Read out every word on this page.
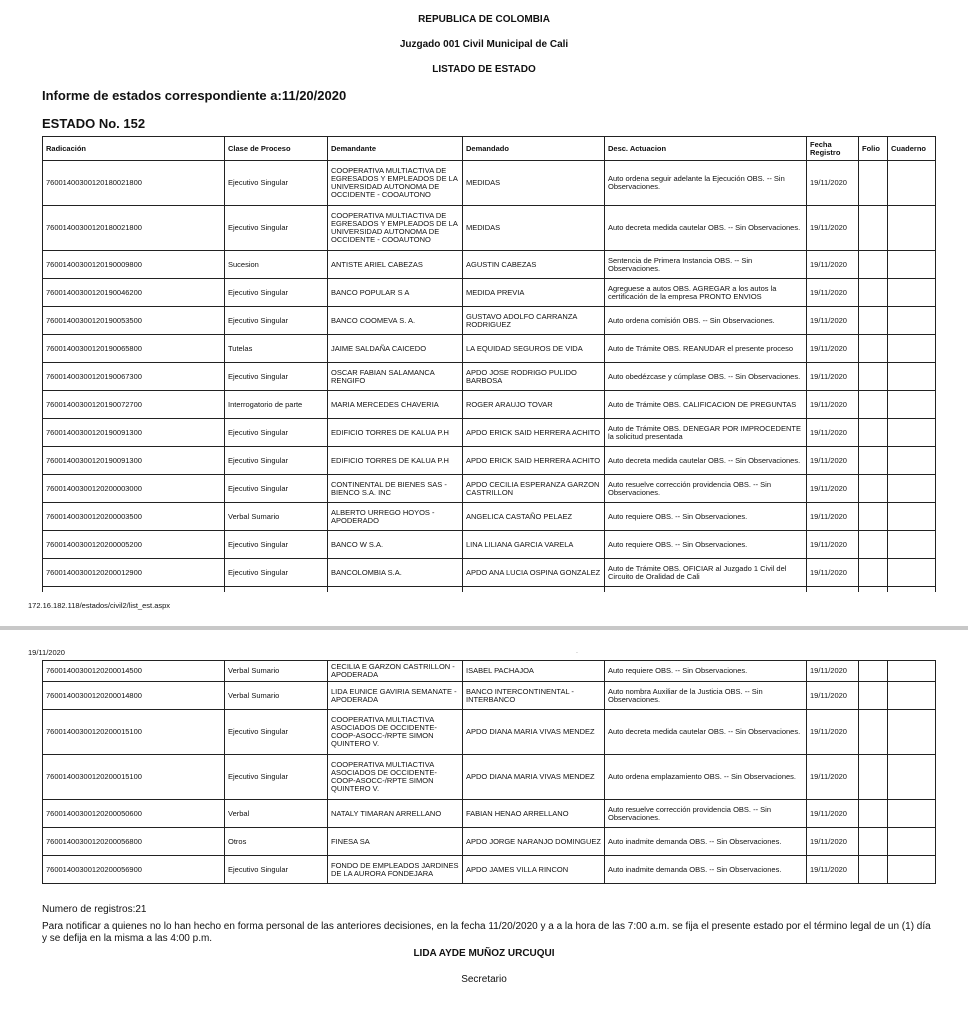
REPUBLICA DE COLOMBIA
Juzgado 001 Civil Municipal de Cali
LISTADO DE ESTADO
Informe de estados correspondiente a:11/20/2020
ESTADO No. 152
Radicación	Clase de Proceso	Demandante	Demandado	Desc. Actuacion	Fecha Registro	Folio	Cuaderno
76001400300120180021800	Ejecutivo Singular	COOPERATIVA MULTIACTIVA DE EGRESADOS Y EMPLEADOS DE LA UNIVERSIDAD AUTONOMA DE OCCIDENTE - COOAUTONO	MEDIDAS	Auto ordena seguir adelante la Ejecución OBS. -- Sin Observaciones.	19/11/2020		
76001400300120180021800	Ejecutivo Singular	COOPERATIVA MULTIACTIVA DE EGRESADOS Y EMPLEADOS DE LA UNIVERSIDAD AUTONOMA DE OCCIDENTE - COOAUTONO	MEDIDAS	Auto decreta medida cautelar OBS. -- Sin Observaciones.	19/11/2020		
76001400300120190009800	Sucesion	ANTISTE ARIEL CABEZAS	AGUSTIN CABEZAS	Sentencia de Primera Instancia OBS. -- Sin Observaciones.	19/11/2020		
76001400300120190046200	Ejecutivo Singular	BANCO POPULAR S A	MEDIDA PREVIA	Agreguese a autos OBS. AGREGAR a los autos la certificación de la empresa PRONTO ENVIOS	19/11/2020		
76001400300120190053500	Ejecutivo Singular	BANCO COOMEVA S. A.	GUSTAVO ADOLFO CARRANZA RODRIGUEZ	Auto ordena comisión OBS. -- Sin Observaciones.	19/11/2020		
76001400300120190065800	Tutelas	JAIME SALDAÑA CAICEDO	LA EQUIDAD SEGUROS DE VIDA	Auto de Trámite OBS. REANUDAR el presente proceso	19/11/2020		
76001400300120190067300	Ejecutivo Singular	OSCAR FABIAN SALAMANCA RENGIFO	APDO JOSE RODRIGO PULIDO BARBOSA	Auto obedézcase y cúmplase OBS. -- Sin Observaciones.	19/11/2020		
76001400300120190072700	Interrogatorio de parte	MARIA MERCEDES CHAVERIA	ROGER ARAUJO TOVAR	Auto de Trámite OBS. CALIFICACION DE PREGUNTAS	19/11/2020		
76001400300120190091300	Ejecutivo Singular	EDIFICIO TORRES DE KALUA P.H	APDO ERICK SAID HERRERA ACHITO	Auto de Trámite OBS. DENEGAR POR IMPROCEDENTE la solicitud presentada	19/11/2020		
76001400300120190091300	Ejecutivo Singular	EDIFICIO TORRES DE KALUA P.H	APDO ERICK SAID HERRERA ACHITO	Auto decreta medida cautelar OBS. -- Sin Observaciones.	19/11/2020		
76001400300120200003000	Ejecutivo Singular	CONTINENTAL DE BIENES SAS - BIENCO S.A. INC	APDO CECILIA ESPERANZA GARZON CASTRILLON	Auto resuelve corrección providencia OBS. -- Sin Observaciones.	19/11/2020		
76001400300120200003500	Verbal Sumario	ALBERTO URREGO HOYOS - APODERADO	ANGELICA CASTAÑO PELAEZ	Auto requiere OBS. -- Sin Observaciones.	19/11/2020		
76001400300120200005200	Ejecutivo Singular	BANCO W S.A.	LINA LILIANA GARCIA VARELA	Auto requiere OBS. -- Sin Observaciones.	19/11/2020		
76001400300120200012900	Ejecutivo Singular	BANCOLOMBIA S.A.	APDO ANA LUCIA OSPINA GONZALEZ	Auto de Trámite OBS. OFICIAR al Juzgado 1 Civil del Circuito de Oralidad de Cali	19/11/2020		

172.16.182.118/estados/civil2/list_est.aspx
19/11/2020	.
76001400300120200014500	Verbal Sumario	CECILIA E GARZON CASTRILLON - APODERADA	ISABEL PACHAJOA	Auto requiere OBS. -- Sin Observaciones.	19/11/2020		
76001400300120200014800	Verbal Sumario	LIDA EUNICE GAVIRIA SEMANATE - APODERADA	BANCO INTERCONTINENTAL - INTERBANCO	Auto nombra Auxiliar de la Justicia OBS. -- Sin Observaciones.	19/11/2020		
76001400300120200015100	Ejecutivo Singular	COOPERATIVA MULTIACTIVA ASOCIADOS DE OCCIDENTE-COOP-ASOCC-/RPTE SIMON QUINTERO V.	APDO DIANA MARIA VIVAS MENDEZ	Auto decreta medida cautelar OBS. -- Sin Observaciones.	19/11/2020		
76001400300120200015100	Ejecutivo Singular	COOPERATIVA MULTIACTIVA ASOCIADOS DE OCCIDENTE-COOP-ASOCC-/RPTE SIMON QUINTERO V.	APDO DIANA MARIA VIVAS MENDEZ	Auto ordena emplazamiento OBS. -- Sin Observaciones.	19/11/2020		
76001400300120200050600	Verbal	NATALY TIMARAN ARRELLANO	FABIAN HENAO ARRELLANO	Auto resuelve corrección providencia OBS. -- Sin Observaciones.	19/11/2020		
76001400300120200056800	Otros	FINESA SA	APDO JORGE NARANJO DOMINGUEZ	Auto inadmite demanda OBS. -- Sin Observaciones.	19/11/2020		
76001400300120200056900	Ejecutivo Singular	FONDO DE EMPLEADOS JARDINES DE LA AURORA FONDEJARA	APDO JAMES VILLA RINCON	Auto inadmite demanda OBS. -- Sin Observaciones.	19/11/2020		
Numero de registros:21
Para notificar a quienes no lo han hecho en forma personal de las anteriores decisiones, en la fecha 11/20/2020 y a a la hora de las 7:00 a.m. se fija el presente estado por el término legal de un (1) día y se defija en la misma a las 4:00 p.m.
LIDA AYDE MUÑOZ URCUQUI
Secretario
